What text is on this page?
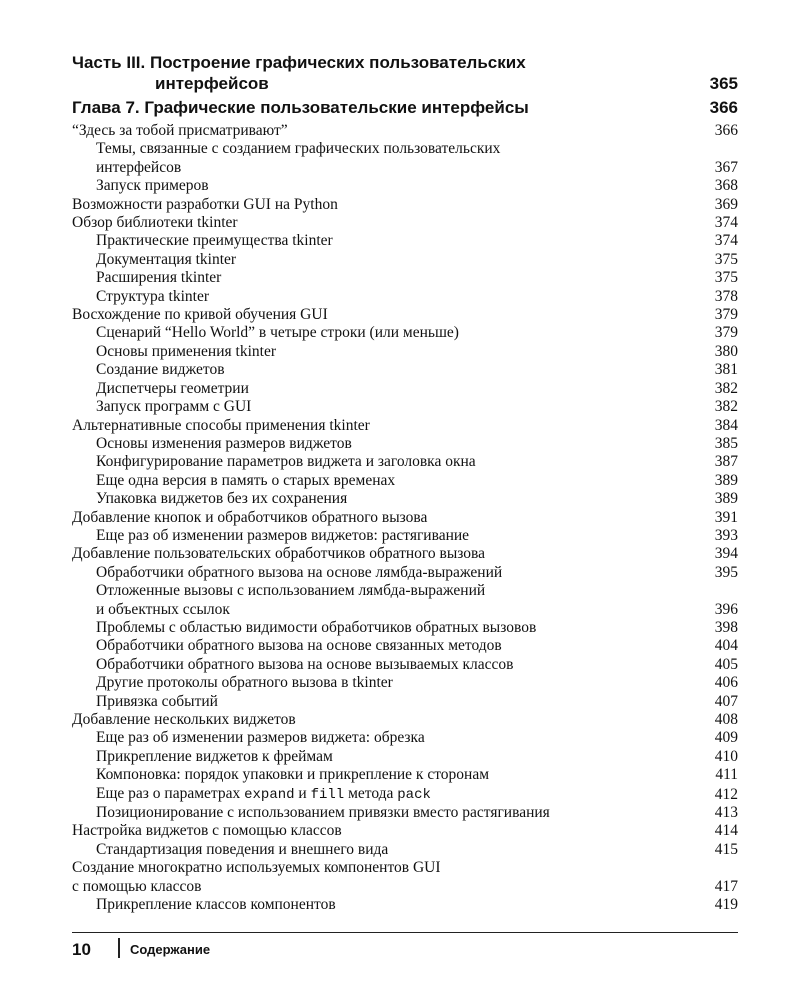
Часть III. Построение графических пользовательских
интерфейсов	365
Глава 7. Графические пользовательские интерфейсы	366
“Здесь за тобой присматривают”	366
Темы, связанные с созданием графических пользовательских
интерфейсов	367
Запуск примеров	368
Возможности разработки GUI на Python	369
Обзор библиотеки tkinter	374
Практические преимущества tkinter	374
Документация tkinter	375
Расширения tkinter	375
Структура tkinter	378
Восхождение по кривой обучения GUI	379
Сценарий “Hello World” в четыре строки (или меньше)	379
Основы применения tkinter	380
Создание виджетов	381
Диспетчеры геометрии	382
Запуск программ с GUI	382
Альтернативные способы применения tkinter	384
Основы изменения размеров виджетов	385
Конфигурирование параметров виджета и заголовка окна	387
Еще одна версия в память о старых временах	389
Упаковка виджетов без их сохранения	389
Добавление кнопок и обработчиков обратного вызова	391
Еще раз об изменении размеров виджетов: растягивание	393
Добавление пользовательских обработчиков обратного вызова	394
Обработчики обратного вызова на основе лямбда-выражений	395
Отложенные вызовы с использованием лямбда-выражений
и объектных ссылок	396
Проблемы с областью видимости обработчиков обратных вызовов	398
Обработчики обратного вызова на основе связанных методов	404
Обработчики обратного вызова на основе вызываемых классов	405
Другие протоколы обратного вызова в tkinter	406
Привязка событий	407
Добавление нескольких виджетов	408
Еще раз об изменении размеров виджета: обрезка	409
Прикрепление виджетов к фреймам	410
Компоновка: порядок упаковки и прикрепление к сторонам	411
Еще раз о параметрах expand и fill метода pack	412
Позиционирование с использованием привязки вместо растягивания	413
Настройка виджетов с помощью классов	414
Стандартизация поведения и внешнего вида	415
Создание многократно используемых компонентов GUI
с помощью классов	417
Прикрепление классов компонентов	419
10	Содержание
